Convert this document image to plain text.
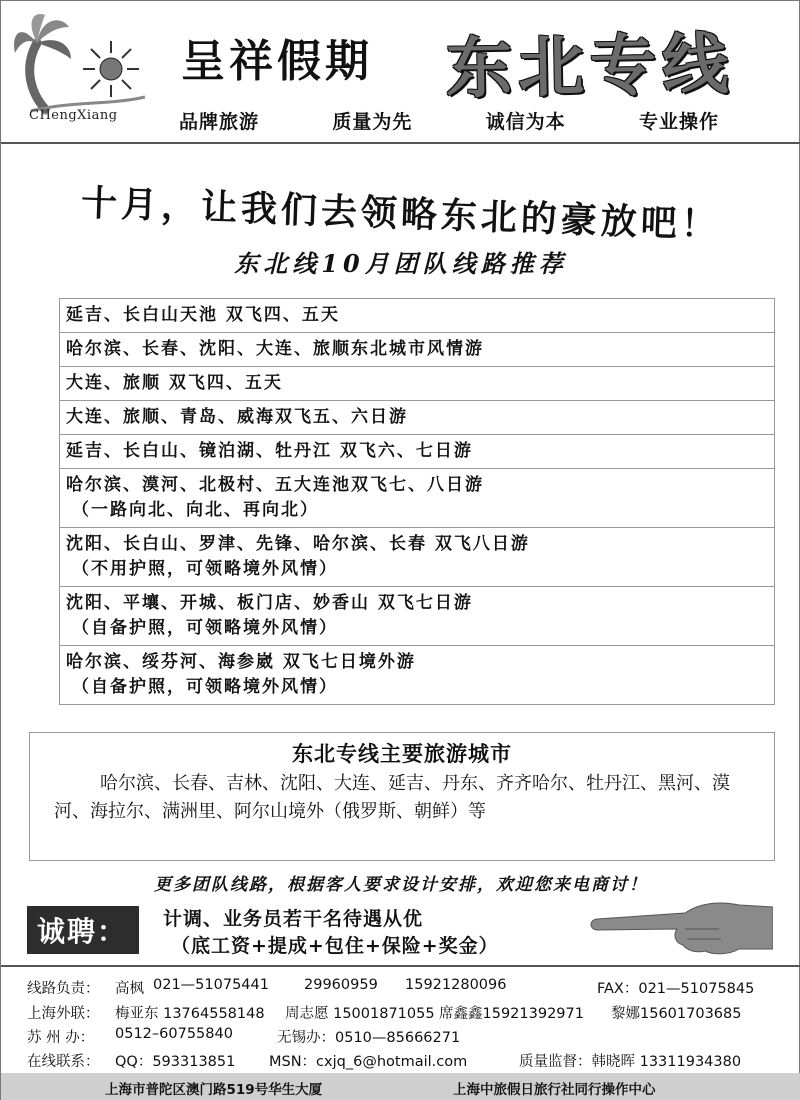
CHengXiang
呈祥假期 东北专线
品牌旅游	质量为先	诚信为本	专业操作
十月，让我们去领略东北的豪放吧！
东北线10月团队线路推荐
延吉、长白山天池 双飞四、五天
哈尔滨、长春、沈阳、大连、旅顺东北城市风情游
大连、旅顺 双飞四、五天
大连、旅顺、青岛、威海双飞五、六日游
延吉、长白山、镜泊湖、牡丹江 双飞六、七日游
哈尔滨、漠河、北极村、五大连池双飞七、八日游
（一路向北、向北、再向北）
沈阳、长白山、罗津、先锋、哈尔滨、长春 双飞八日游
（不用护照，可领略境外风情）
沈阳、平壤、开城、板门店、妙香山 双飞七日游
（自备护照，可领略境外风情）
哈尔滨、绥芬河、海参崴 双飞七日境外游
（自备护照，可领略境外风情）
东北专线主要旅游城市
哈尔滨、长春、吉林、沈阳、大连、延吉、丹东、齐齐哈尔、牡丹江、黑河、漠河、海拉尔、满洲里、阿尔山境外（俄罗斯、朝鲜）等
更多团队线路，根据客人要求设计安排，欢迎您来电商讨！
诚聘：	计调、业务员若干名待遇从优
（底工资+提成+包住+保险+奖金）
线路负责： 高枫 021—51075441 29960959 15921280096	FAX：021—51075845
上海外联： 梅亚东 13764558148 周志愿 15001871055 席鑫鑫15921392971 黎娜15601703685
苏 州 办： 0512–60755840	无锡办：0510—85666271
在线联系： QQ：593313851 MSN：cxjq_6@hotmail.com	质量监督：韩晓晖 13311934380
上海市普陀区澳门路519号华生大厦	上海中旅假日旅行社同行操作中心
